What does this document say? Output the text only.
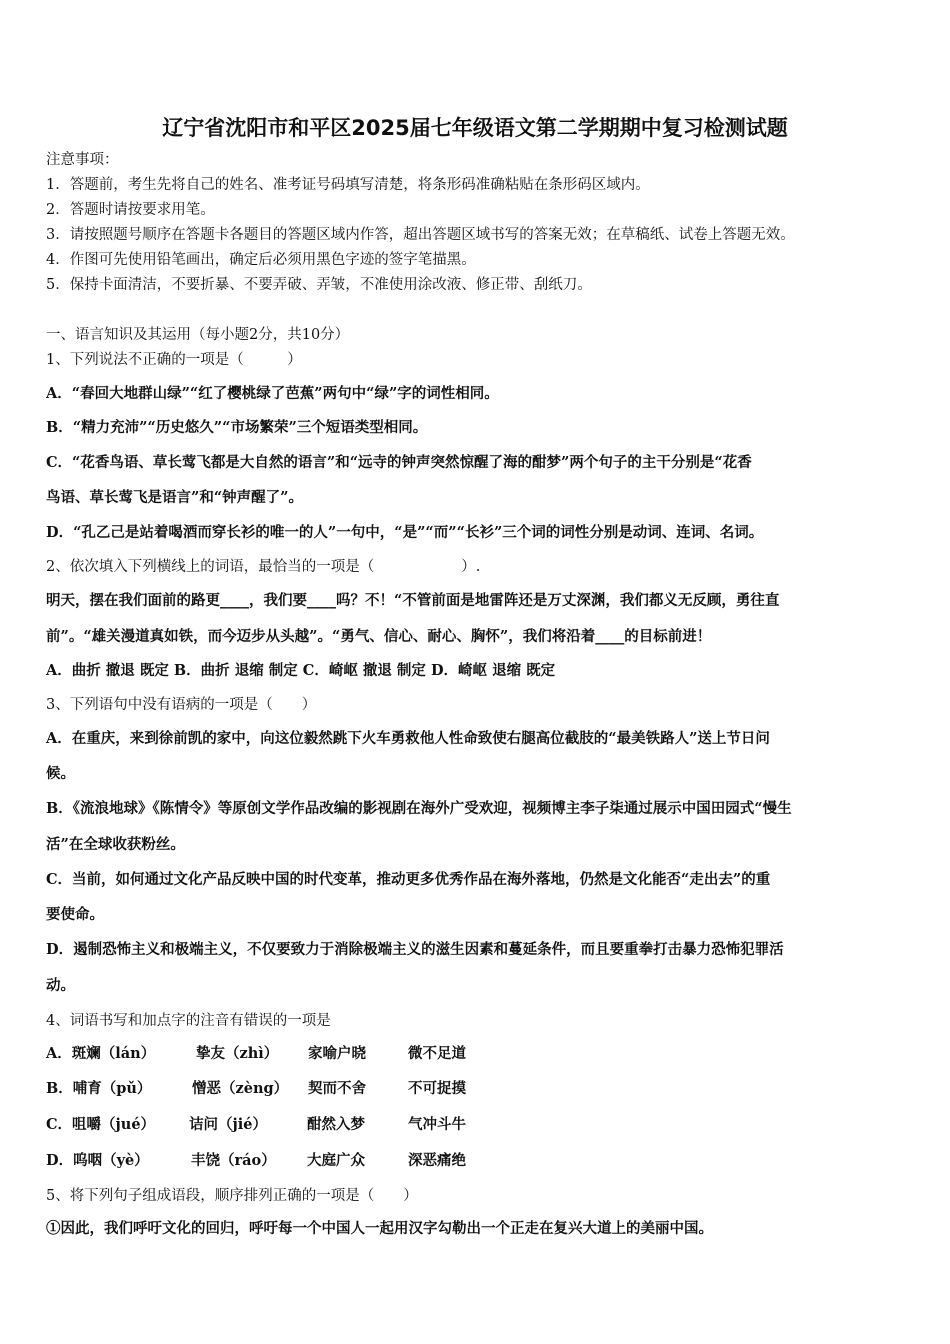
辽宁省沈阳市和平区2025届七年级语文第二学期期中复习检测试题
注意事项：
1．答题前，考生先将自己的姓名、准考证号码填写清楚，将条形码准确粘贴在条形码区域内。
2．答题时请按要求用笔。
3．请按照题号顺序在答题卡各题目的答题区域内作答，超出答题区域书写的答案无效；在草稿纸、试卷上答题无效。
4．作图可先使用铅笔画出，确定后必须用黑色字迹的签字笔描黑。
5．保持卡面清洁，不要折暴、不要弄破、弄皱，不准使用涂改液、修正带、刮纸刀。
一、语言知识及其运用（每小题2分，共10分）
1、下列说法不正确的一项是（　　　）
A．“春回大地群山绿”“红了樱桃绿了芭蕉”两句中“绿”字的词性相同。
B．“精力充沛”“历史悠久”“市场繁荣”三个短语类型相同。
C．“花香鸟语、草长莺飞都是大自然的语言”和“远寺的钟声突然惊醒了海的酣梦”两个句子的主干分别是“花香
鸟语、草长莺飞是语言”和“钟声醒了”。
D．“孔乙己是站着喝酒而穿长衫的唯一的人”一句中，“是”“而”“长衫”三个词的词性分别是动词、连词、名词。
2、依次填入下列横线上的词语，最恰当的一项是（　　　　　　）.
明天，摆在我们面前的路更____，我们要____吗？不！“不管前面是地雷阵还是万丈深渊，我们都义无反顾，勇往直
前”。“雄关漫道真如铁，而今迈步从头越”。“勇气、信心、耐心、胸怀”，我们将沿着____的目标前进！
A．曲折 撤退 既定 B．曲折 退缩 制定 C．崎岖 撤退 制定 D．崎岖 退缩 既定
3、下列语句中没有语病的一项是（　　）
A．在重庆，来到徐前凯的家中，向这位毅然跳下火车勇救他人性命致使右腿高位截肢的“最美铁路人”送上节日问
候。
B．《流浪地球》《陈情令》等原创文学作品改编的影视剧在海外广受欢迎，视频博主李子柒通过展示中国田园式“慢生
活”在全球收获粉丝。
C．当前，如何通过文化产品反映中国的时代变革，推动更多优秀作品在海外落地，仍然是文化能否“走出去”的重
要使命。
D．遏制恐怖主义和极端主义，不仅要致力于消除极端主义的滋生因素和蔓延条件，而且要重拳打击暴力恐怖犯罪活
动。
4、词语书写和加点字的注音有错误的一项是
A．斑斓（lán）	挚友（zhì） 家喻户晓	微不足道
B．哺育（pǔ）	憎恶（zèng） 契而不舍	不可捉摸
C．咀嚼（jué） 诘问（jié）	酣然入梦	气冲斗牛
D．呜咽（yè）	丰饶（ráo） 大庭广众	深恶痛绝
5、将下列句子组成语段，顺序排列正确的一项是（　　）
①因此，我们呼吁文化的回归，呼吁每一个中国人一起用汉字勾勒出一个正走在复兴大道上的美丽中国。
